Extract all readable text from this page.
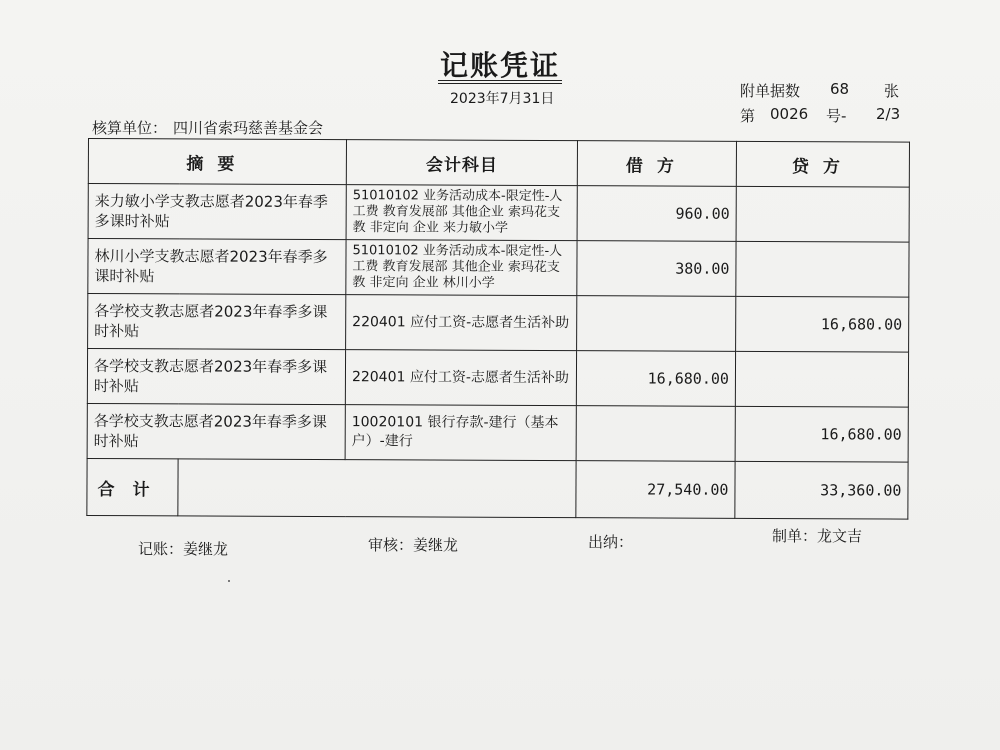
记账凭证
2023年7月31日	附单据数 68 张
第 0026 号- 2/3
核算单位： 四川省索玛慈善基金会
摘要		会计科目	借方	贷方
来力敏小学支教志愿者2023年春季多课时补贴		51010102 业务活动成本-限定性-人工费 教育发展部 其他企业 索玛花支教 非定向 企业 来力敏小学	960.00	
林川小学支教志愿者2023年春季多课时补贴		51010102 业务活动成本-限定性-人工费 教育发展部 其他企业 索玛花支教 非定向 企业 林川小学	380.00	
各学校支教志愿者2023年春季多课时补贴		220401 应付工资-志愿者生活补助		16,680.00
各学校支教志愿者2023年春季多课时补贴		220401 应付工资-志愿者生活补助	16,680.00	
各学校支教志愿者2023年春季多课时补贴		10020101 银行存款-建行（基本户）-建行		16,680.00
合计			27,540.00	33,360.00
记账：姜继龙	审核：姜继龙	出纳：	制单：龙文吉
